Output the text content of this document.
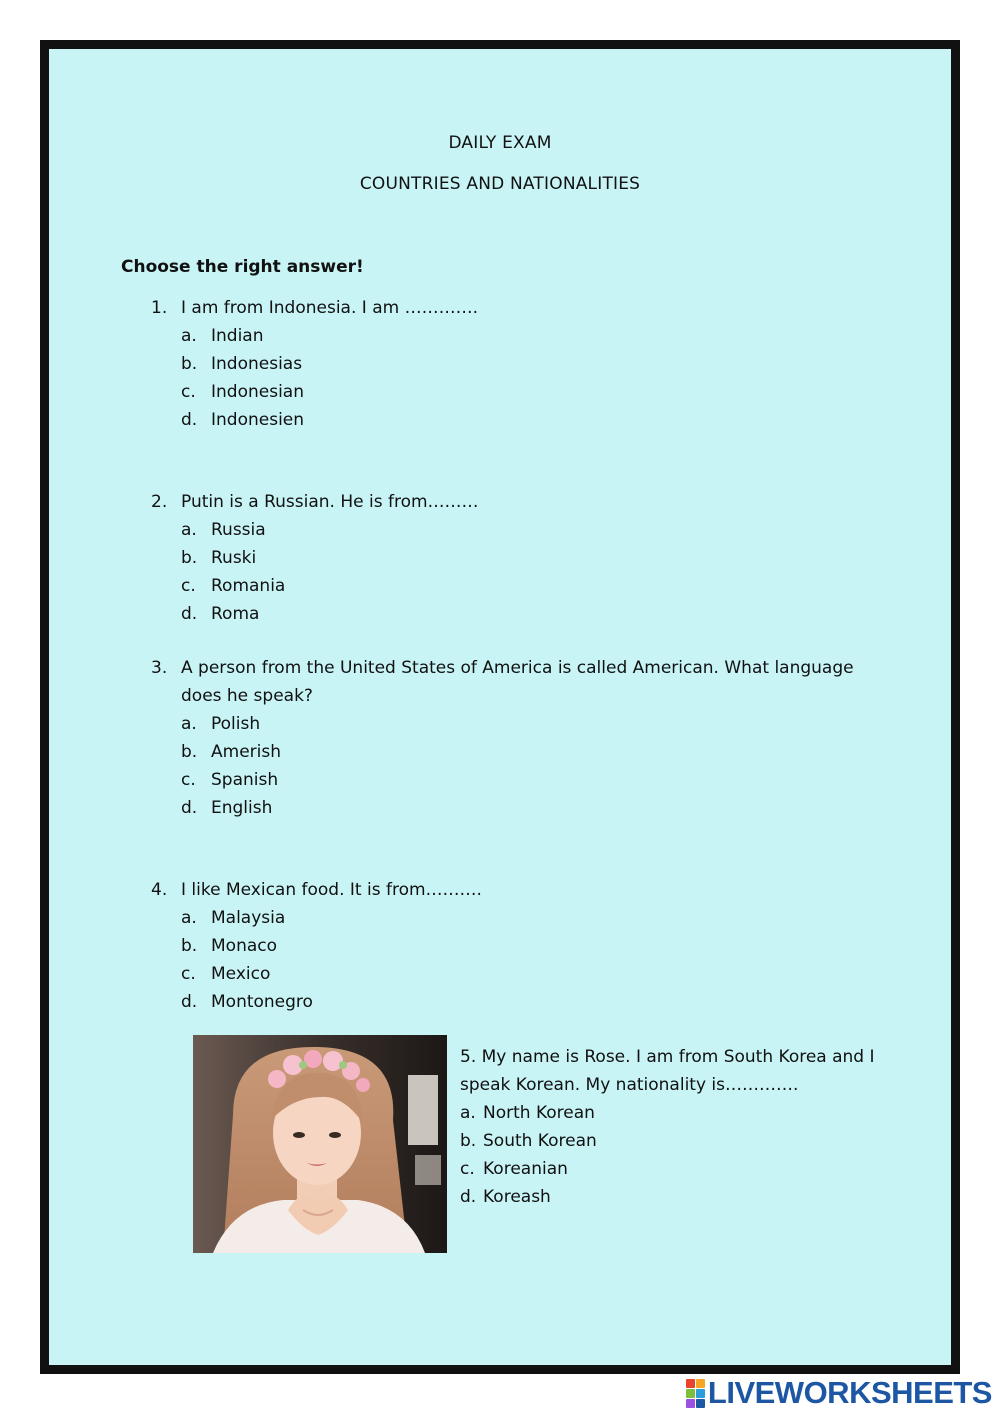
DAILY EXAM
COUNTRIES AND NATIONALITIES
Choose the right answer!
1. I am from Indonesia. I am ………….
a. Indian
b. Indonesias
c. Indonesian
d. Indonesien
2. Putin is a Russian. He is from………
a. Russia
b. Ruski
c. Romania
d. Roma
3. A person from the United States of America is called American. What language does he speak?
a. Polish
b. Amerish
c. Spanish
d. English
4. I like Mexican food. It is from……….
a. Malaysia
b. Monaco
c. Mexico
d. Montonegro
5. My name is Rose. I am from South Korea and I speak Korean. My nationality is………….
a. North Korean
b. South Korean
c. Koreanian
d. Koreash
LIVEWORKSHEETS
